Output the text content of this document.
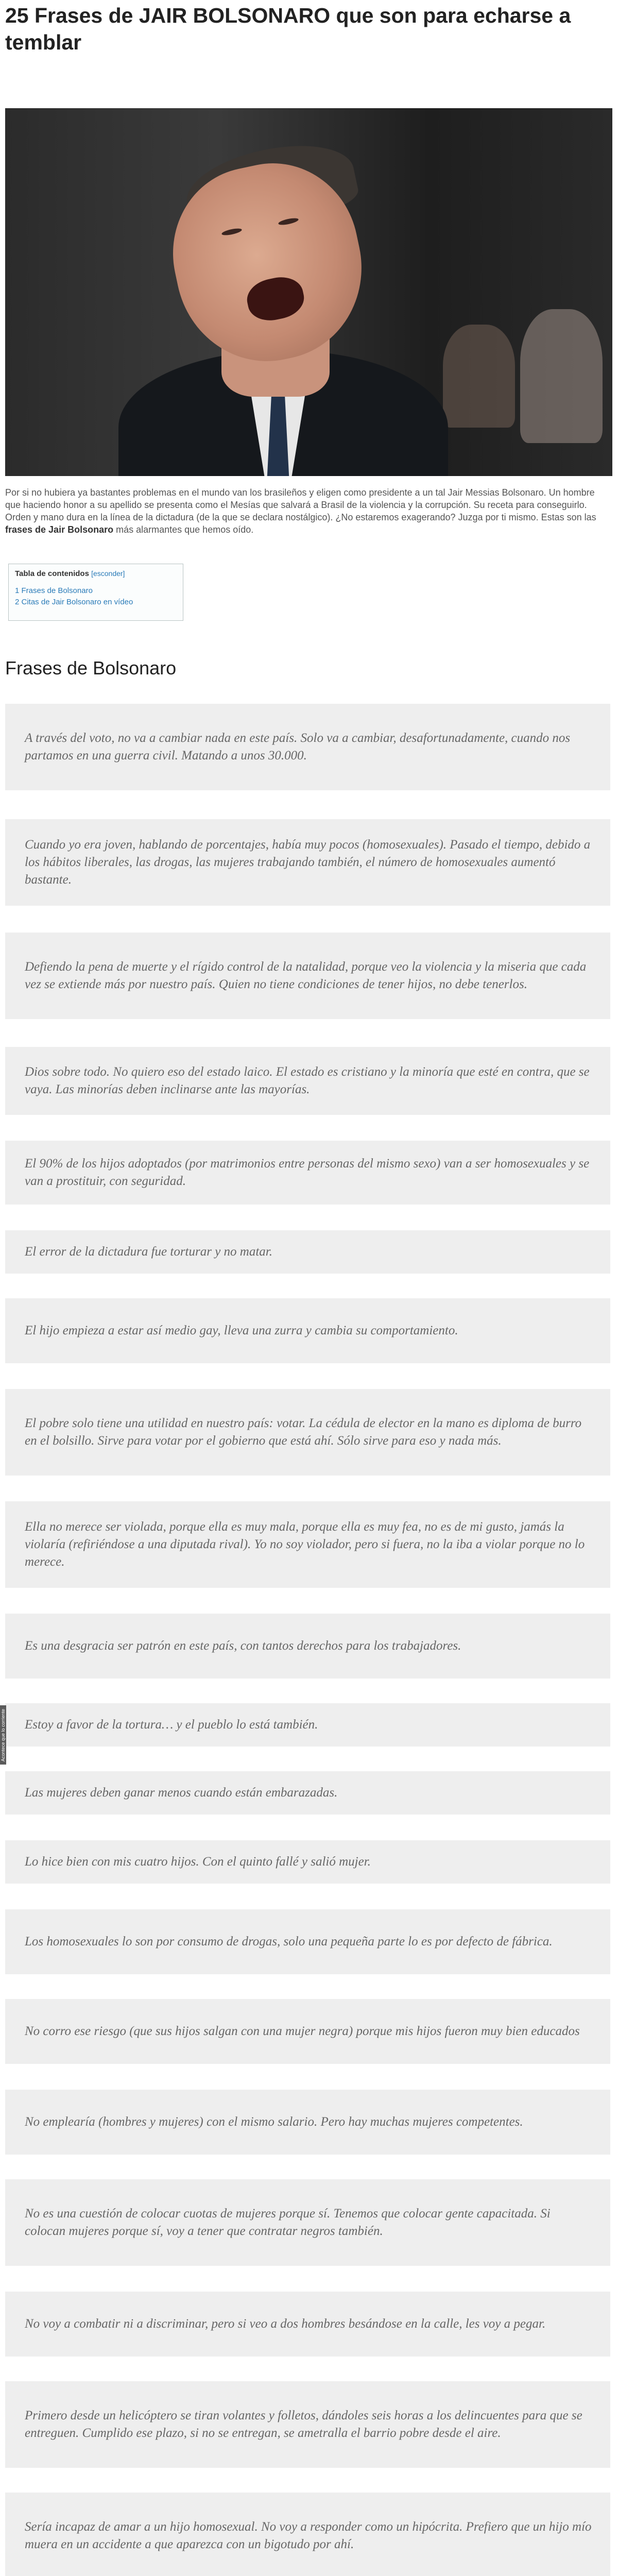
25 Frases de JAIR BOLSONARO que son para echarse a temblar

Por si no hubiera ya bastantes problemas en el mundo van los brasileños y eligen como presidente a un tal Jair Messias Bolsonaro. Un hombre que haciendo honor a su apellido se presenta como el Mesías que salvará a Brasil de la violencia y la corrupción. Su receta para conseguirlo. Orden y mano dura en la línea de la dictadura (de la que se declara nostálgico). ¿No estaremos exagerando? Juzga por ti mismo. Estas son las frases de Jair Bolsonaro más alarmantes que hemos oído.

Tabla de contenidos [esconder]
1 Frases de Bolsonaro
2 Citas de Jair Bolsonaro en vídeo
Frases de Bolsonaro

A través del voto, no va a cambiar nada en este país. Solo va a cambiar, desafortunadamente, cuando nos partamos en una guerra civil. Matando a unos 30.000.

Cuando yo era joven, hablando de porcentajes, había muy pocos (homosexuales). Pasado el tiempo, debido a los hábitos liberales, las drogas, las mujeres trabajando también, el número de homosexuales aumentó bastante.

Defiendo la pena de muerte y el rígido control de la natalidad, porque veo la violencia y la miseria que cada vez se extiende más por nuestro país. Quien no tiene condiciones de tener hijos, no debe tenerlos.

Dios sobre todo. No quiero eso del estado laico. El estado es cristiano y la minoría que esté en contra, que se vaya. Las minorías deben inclinarse ante las mayorías.

El 90% de los hijos adoptados (por matrimonios entre personas del mismo sexo) van a ser homosexuales y se van a prostituir, con seguridad.

El error de la dictadura fue torturar y no matar.

El hijo empieza a estar así medio gay, lleva una zurra y cambia su comportamiento.

El pobre solo tiene una utilidad en nuestro país: votar. La cédula de elector en la mano es diploma de burro en el bolsillo. Sirve para votar por el gobierno que está ahí. Sólo sirve para eso y nada más.

Ella no merece ser violada, porque ella es muy mala, porque ella es muy fea, no es de mi gusto, jamás la violaría (refiriéndose a una diputada rival). Yo no soy violador, pero si fuera, no la iba a violar porque no lo merece.

Es una desgracia ser patrón en este país, con tantos derechos para los trabajadores.

Estoy a favor de la tortura… y el pueblo lo está también.

Las mujeres deben ganar menos cuando están embarazadas.

Lo hice bien con mis cuatro hijos. Con el quinto fallé y salió mujer.

Los homosexuales lo son por consumo de drogas, solo una pequeña parte lo es por defecto de fábrica.

No corro ese riesgo (que sus hijos salgan con una mujer negra) porque mis hijos fueron muy bien educados

No emplearía (hombres y mujeres) con el mismo salario. Pero hay muchas mujeres competentes.

No es una cuestión de colocar cuotas de mujeres porque sí. Tenemos que colocar gente capacitada. Si colocan mujeres porque sí, voy a tener que contratar negros también.

No voy a combatir ni a discriminar, pero si veo a dos hombres besándose en la calle, les voy a pegar.

Primero desde un helicóptero se tiran volantes y folletos, dándoles seis horas a los delincuentes para que se entreguen. Cumplido ese plazo, si no se entregan, se ametralla el barrio pobre desde el aire.

Sería incapaz de amar a un hijo homosexual. No voy a responder como un hipócrita. Prefiero que un hijo mío muera en un accidente a que aparezca con un bigotudo por ahí.

Acontece que lo corriente
